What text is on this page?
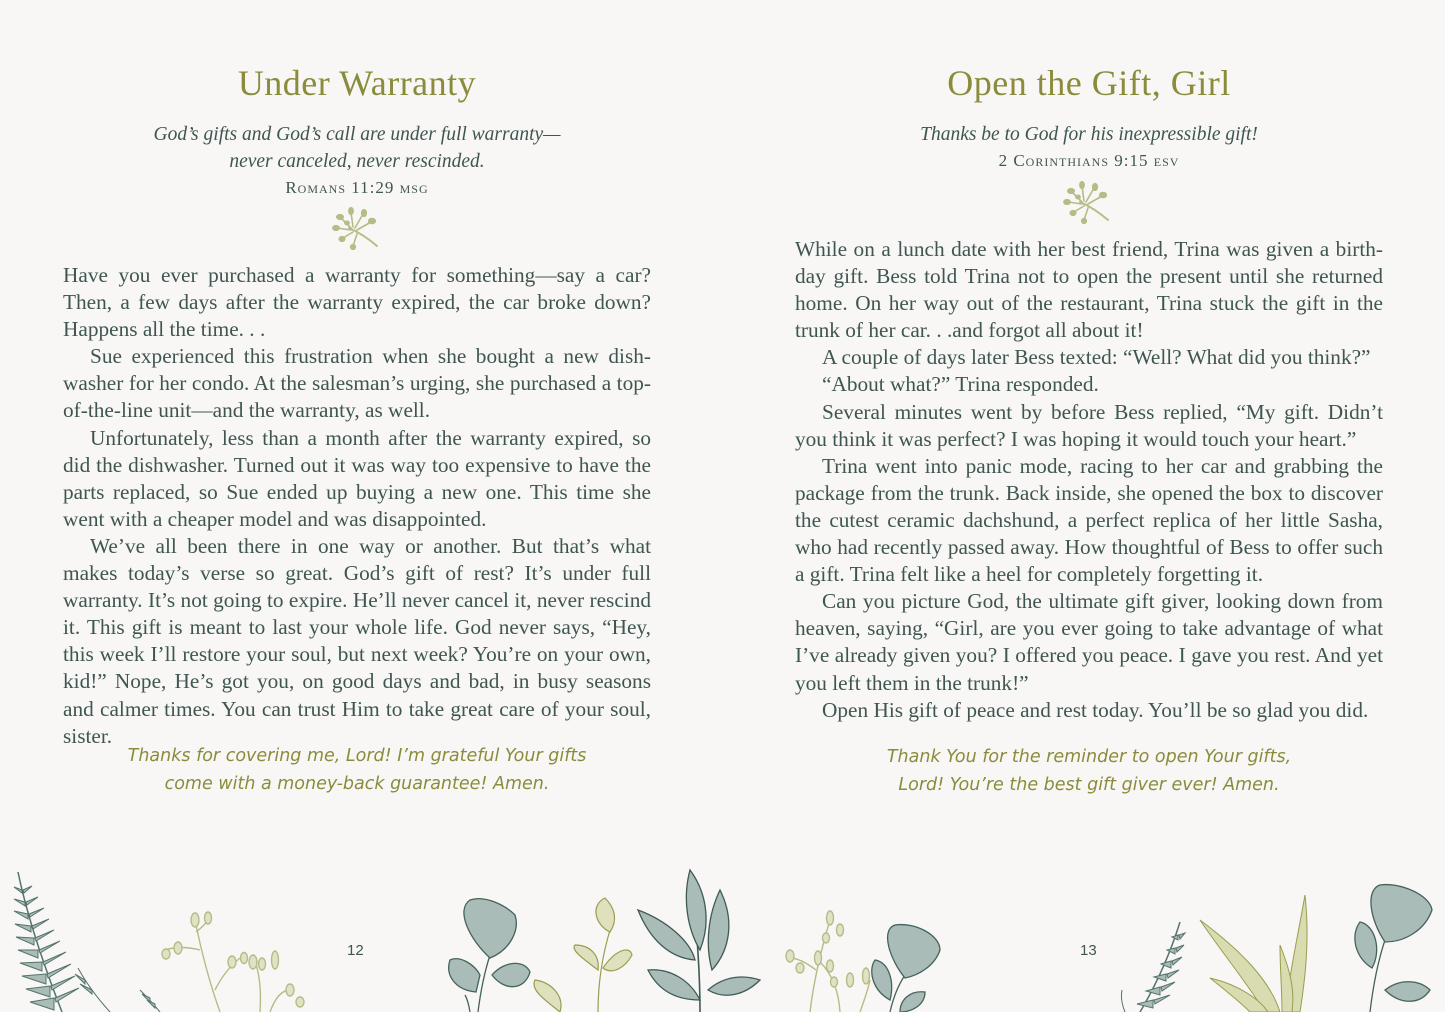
Under Warranty
God’s gifts and God’s call are under full warranty—
never canceled, never rescinded.
Romans 11:29 msg

Have you ever purchased a warranty for something—say a car? Then, a few days after the warranty expired, the car broke down? Happens all the time. . .

Sue experienced this frustration when she bought a new dishwasher for her condo. At the salesman’s urging, she purchased a top-of-the-line unit—and the warranty, as well.

Unfortunately, less than a month after the warranty expired, so did the dishwasher. Turned out it was way too expensive to have the parts replaced, so Sue ended up buying a new one. This time she went with a cheaper model and was disappointed.

We’ve all been there in one way or another. But that’s what makes today’s verse so great. God’s gift of rest? It’s under full warranty. It’s not going to expire. He’ll never cancel it, never rescind it. This gift is meant to last your whole life. God never says, “Hey, this week I’ll restore your soul, but next week? You’re on your own, kid!” Nope, He’s got you, on good days and bad, in busy seasons and calmer times. You can trust Him to take great care of your soul, sister.

Thanks for covering me, Lord! I’m grateful Your gifts
come with a money-back guarantee! Amen.
12
Open the Gift, Girl
Thanks be to God for his inexpressible gift!
2 Corinthians 9:15 esv

While on a lunch date with her best friend, Trina was given a birthday gift. Bess told Trina not to open the present until she returned home. On her way out of the restaurant, Trina stuck the gift in the trunk of her car. . .and forgot all about it!

A couple of days later Bess texted: “Well? What did you think?”

“About what?” Trina responded.

Several minutes went by before Bess replied, “My gift. Didn’t you think it was perfect? I was hoping it would touch your heart.”

Trina went into panic mode, racing to her car and grabbing the package from the trunk. Back inside, she opened the box to discover the cutest ceramic dachshund, a perfect replica of her little Sasha, who had recently passed away. How thoughtful of Bess to offer such a gift. Trina felt like a heel for completely forgetting it.

Can you picture God, the ultimate gift giver, looking down from heaven, saying, “Girl, are you ever going to take advantage of what I’ve already given you? I offered you peace. I gave you rest. And yet you left them in the trunk!”

Open His gift of peace and rest today. You’ll be so glad you did.

Thank You for the reminder to open Your gifts,
Lord! You’re the best gift giver ever! Amen.
13
